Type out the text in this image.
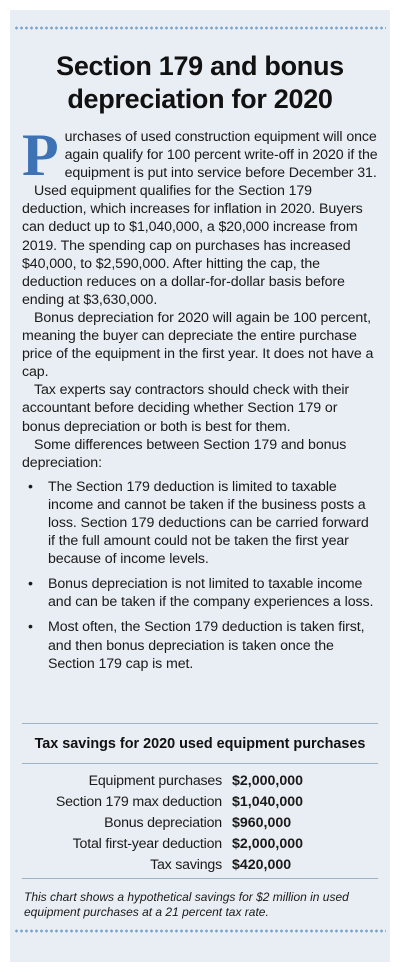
Section 179 and bonus depreciation for 2020

Purchases of used construction equipment will once again qualify for 100 percent write-off in 2020 if the equipment is put into service before December 31.

Used equipment qualifies for the Section 179 deduction, which increases for inflation in 2020. Buyers can deduct up to $1,040,000, a $20,000 increase from 2019. The spending cap on purchases has increased $40,000, to $2,590,000. After hitting the cap, the deduction reduces on a dollar-for-dollar basis before ending at $3,630,000.

Bonus depreciation for 2020 will again be 100 percent, meaning the buyer can depreciate the entire purchase price of the equipment in the first year. It does not have a cap.

Tax experts say contractors should check with their accountant before deciding whether Section 179 or bonus depreciation or both is best for them.

Some differences between Section 179 and bonus depreciation:

• The Section 179 deduction is limited to taxable income and cannot be taken if the business posts a loss. Section 179 deductions can be carried forward if the full amount could not be taken the first year because of income levels.
• Bonus depreciation is not limited to taxable income and can be taken if the company experiences a loss.
• Most often, the Section 179 deduction is taken first, and then bonus depreciation is taken once the Section 179 cap is met.
Tax savings for 2020 used equipment purchases
Equipment purchases $2,000,000
Section 179 max deduction $1,040,000
Bonus depreciation $960,000
Total first-year deduction $2,000,000
Tax savings $420,000

This chart shows a hypothetical savings for $2 million in used equipment purchases at a 21 percent tax rate.
